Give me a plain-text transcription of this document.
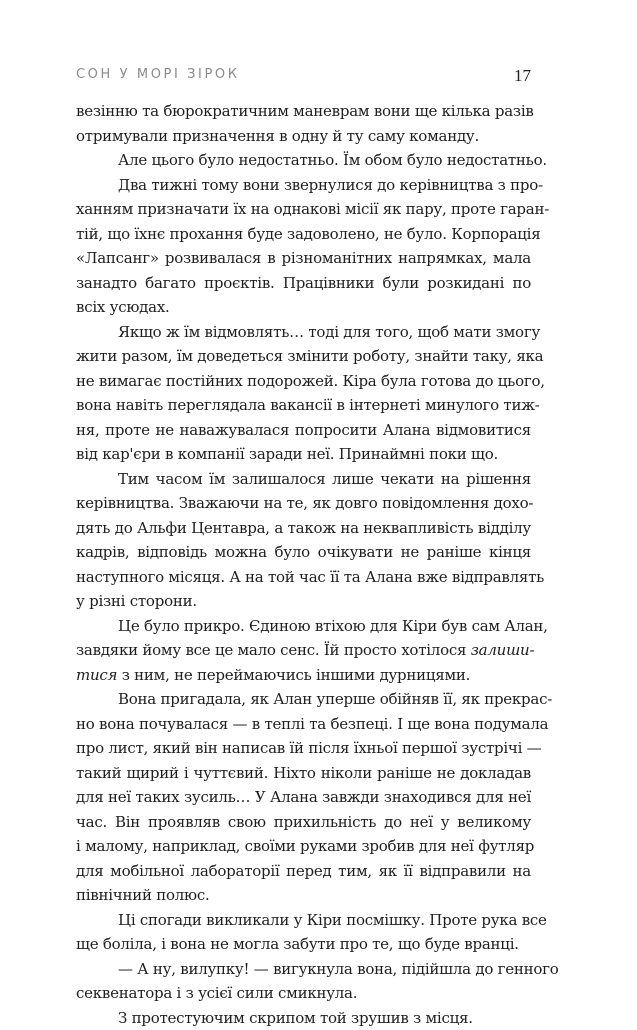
СОН У МОРІ ЗІРОК	17
везінню та бюрократичним маневрам вони ще кілька разів
отримували призначення в одну й ту саму команду.
Але цього було недостатньо. Їм обом було недостатньо.
Два тижні тому вони звернулися до керівництва з про-
ханням призначати їх на однакові місії як пару, проте гаран-
тій, що їхнє прохання буде задоволено, не було. Корпорація
«Лапсанг» розвивалася в різноманітних напрямках, мала
занадто багато проєктів. Працівники були розкидані по
всіх усюдах.
Якщо ж їм відмовлять… тоді для того, щоб мати змогу
жити разом, їм доведеться змінити роботу, знайти таку, яка
не вимагає постійних подорожей. Кіра була готова до цього,
вона навіть переглядала вакансії в інтернеті минулого тиж-
ня, проте не наважувалася попросити Алана відмовитися
від кар'єри в компанії заради неї. Принаймні поки що.
Тим часом їм залишалося лише чекати на рішення
керівництва. Зважаючи на те, як довго повідомлення дохо-
дять до Альфи Центавра, а також на неквапливість відділу
кадрів, відповідь можна було очікувати не раніше кінця
наступного місяця. А на той час її та Алана вже відправлять
у різні сторони.
Це було прикро. Єдиною втіхою для Кіри був сам Алан,
завдяки йому все це мало сенс. Їй просто хотілося залиши-
тися з ним, не переймаючись іншими дурницями.
Вона пригадала, як Алан уперше обійняв її, як прекрас-
но вона почувалася — в теплі та безпеці. І ще вона подумала
про лист, який він написав їй після їхньої першої зустрічі —
такий щирий і чуттєвий. Ніхто ніколи раніше не докладав
для неї таких зусиль… У Алана завжди знаходився для неї
час. Він проявляв свою прихильність до неї у великому
і малому, наприклад, своїми руками зробив для неї футляр
для мобільної лабораторії перед тим, як її відправили на
північний полюс.
Ці спогади викликали у Кіри посмішку. Проте рука все
ще боліла, і вона не могла забути про те, що буде вранці.
— А ну, вилупку! — вигукнула вона, підійшла до генного
секвенатора і з усієї сили смикнула.
З протестуючим скрипом той зрушив з місця.
